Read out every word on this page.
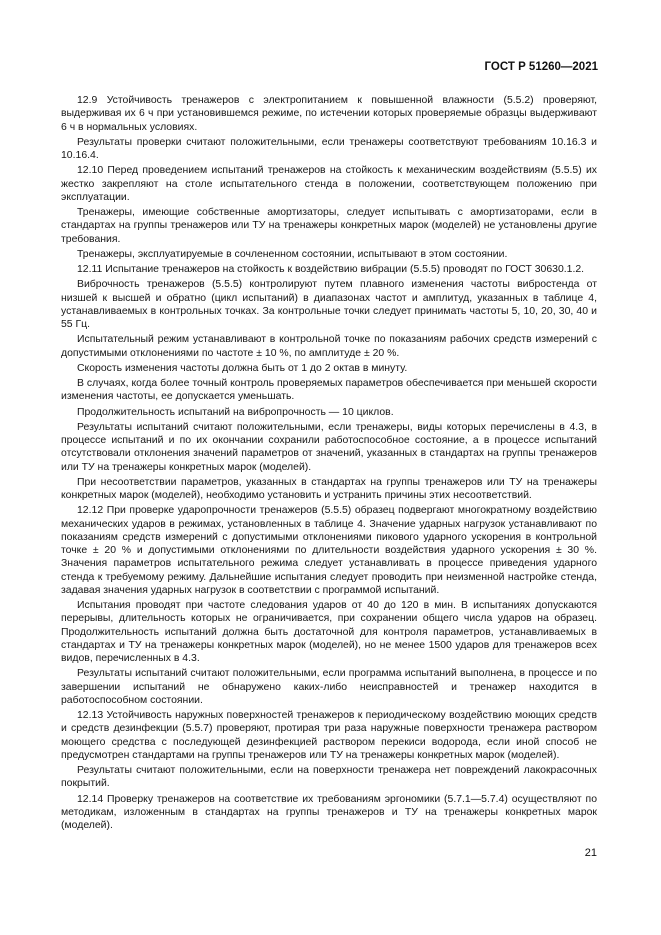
ГОСТ Р 51260—2021

12.9 Устойчивость тренажеров с электропитанием к повышенной влажности (5.5.2) проверяют, выдерживая их 6 ч при установившемся режиме, по истечении которых проверяемые образцы выдерживают 6 ч в нормальных условиях.

Результаты проверки считают положительными, если тренажеры соответствуют требованиям 10.16.3 и 10.16.4.

12.10 Перед проведением испытаний тренажеров на стойкость к механическим воздействиям (5.5.5) их жестко закрепляют на столе испытательного стенда в положении, соответствующем положению при эксплуатации.

Тренажеры, имеющие собственные амортизаторы, следует испытывать с амортизаторами, если в стандартах на группы тренажеров или ТУ на тренажеры конкретных марок (моделей) не установлены другие требования.

Тренажеры, эксплуатируемые в сочлененном состоянии, испытывают в этом состоянии.

12.11 Испытание тренажеров на стойкость к воздействию вибрации (5.5.5) проводят по ГОСТ 30630.1.2.

Виброчность тренажеров (5.5.5) контролируют путем плавного изменения частоты вибростенда от низшей к высшей и обратно (цикл испытаний) в диапазонах частот и амплитуд, указанных в таблице 4, устанавливаемых в контрольных точках. За контрольные точки следует принимать частоты 5, 10, 20, 30, 40 и 55 Гц.

Испытательный режим устанавливают в контрольной точке по показаниям рабочих средств измерений с допустимыми отклонениями по частоте ± 10 %, по амплитуде ± 20 %.

Скорость изменения частоты должна быть от 1 до 2 октав в минуту.

В случаях, когда более точный контроль проверяемых параметров обеспечивается при меньшей скорости изменения частоты, ее допускается уменьшать.

Продолжительность испытаний на вибропрочность — 10 циклов.

Результаты испытаний считают положительными, если тренажеры, виды которых перечислены в 4.3, в процессе испытаний и по их окончании сохранили работоспособное состояние, а в процессе испытаний отсутствовали отклонения значений параметров от значений, указанных в стандартах на группы тренажеров или ТУ на тренажеры конкретных марок (моделей).

При несоответствии параметров, указанных в стандартах на группы тренажеров или ТУ на тренажеры конкретных марок (моделей), необходимо установить и устранить причины этих несоответствий.

12.12 При проверке ударопрочности тренажеров (5.5.5) образец подвергают многократному воздействию механических ударов в режимах, установленных в таблице 4. Значение ударных нагрузок устанавливают по показаниям средств измерений с допустимыми отклонениями пикового ударного ускорения в контрольной точке ± 20 % и допустимыми отклонениями по длительности воздействия ударного ускорения ± 30 %. Значения параметров испытательного режима следует устанавливать в процессе приведения ударного стенда к требуемому режиму. Дальнейшие испытания следует проводить при неизменной настройке стенда, задавая значения ударных нагрузок в соответствии с программой испытаний.

Испытания проводят при частоте следования ударов от 40 до 120 в мин. В испытаниях допускаются перерывы, длительность которых не ограничивается, при сохранении общего числа ударов на образец. Продолжительность испытаний должна быть достаточной для контроля параметров, устанавливаемых в стандартах и ТУ на тренажеры конкретных марок (моделей), но не менее 1500 ударов для тренажеров всех видов, перечисленных в 4.3.

Результаты испытаний считают положительными, если программа испытаний выполнена, в процессе и по завершении испытаний не обнаружено каких-либо неисправностей и тренажер находится в работоспособном состоянии.

12.13 Устойчивость наружных поверхностей тренажеров к периодическому воздействию моющих средств и средств дезинфекции (5.5.7) проверяют, протирая три раза наружные поверхности тренажера раствором моющего средства с последующей дезинфекцией раствором перекиси водорода, если иной способ не предусмотрен стандартами на группы тренажеров или ТУ на тренажеры конкретных марок (моделей).

Результаты считают положительными, если на поверхности тренажера нет повреждений лакокрасочных покрытий.

12.14 Проверку тренажеров на соответствие их требованиям эргономики (5.7.1—5.7.4) осуществляют по методикам, изложенным в стандартах на группы тренажеров и ТУ на тренажеры конкретных марок (моделей).

21
